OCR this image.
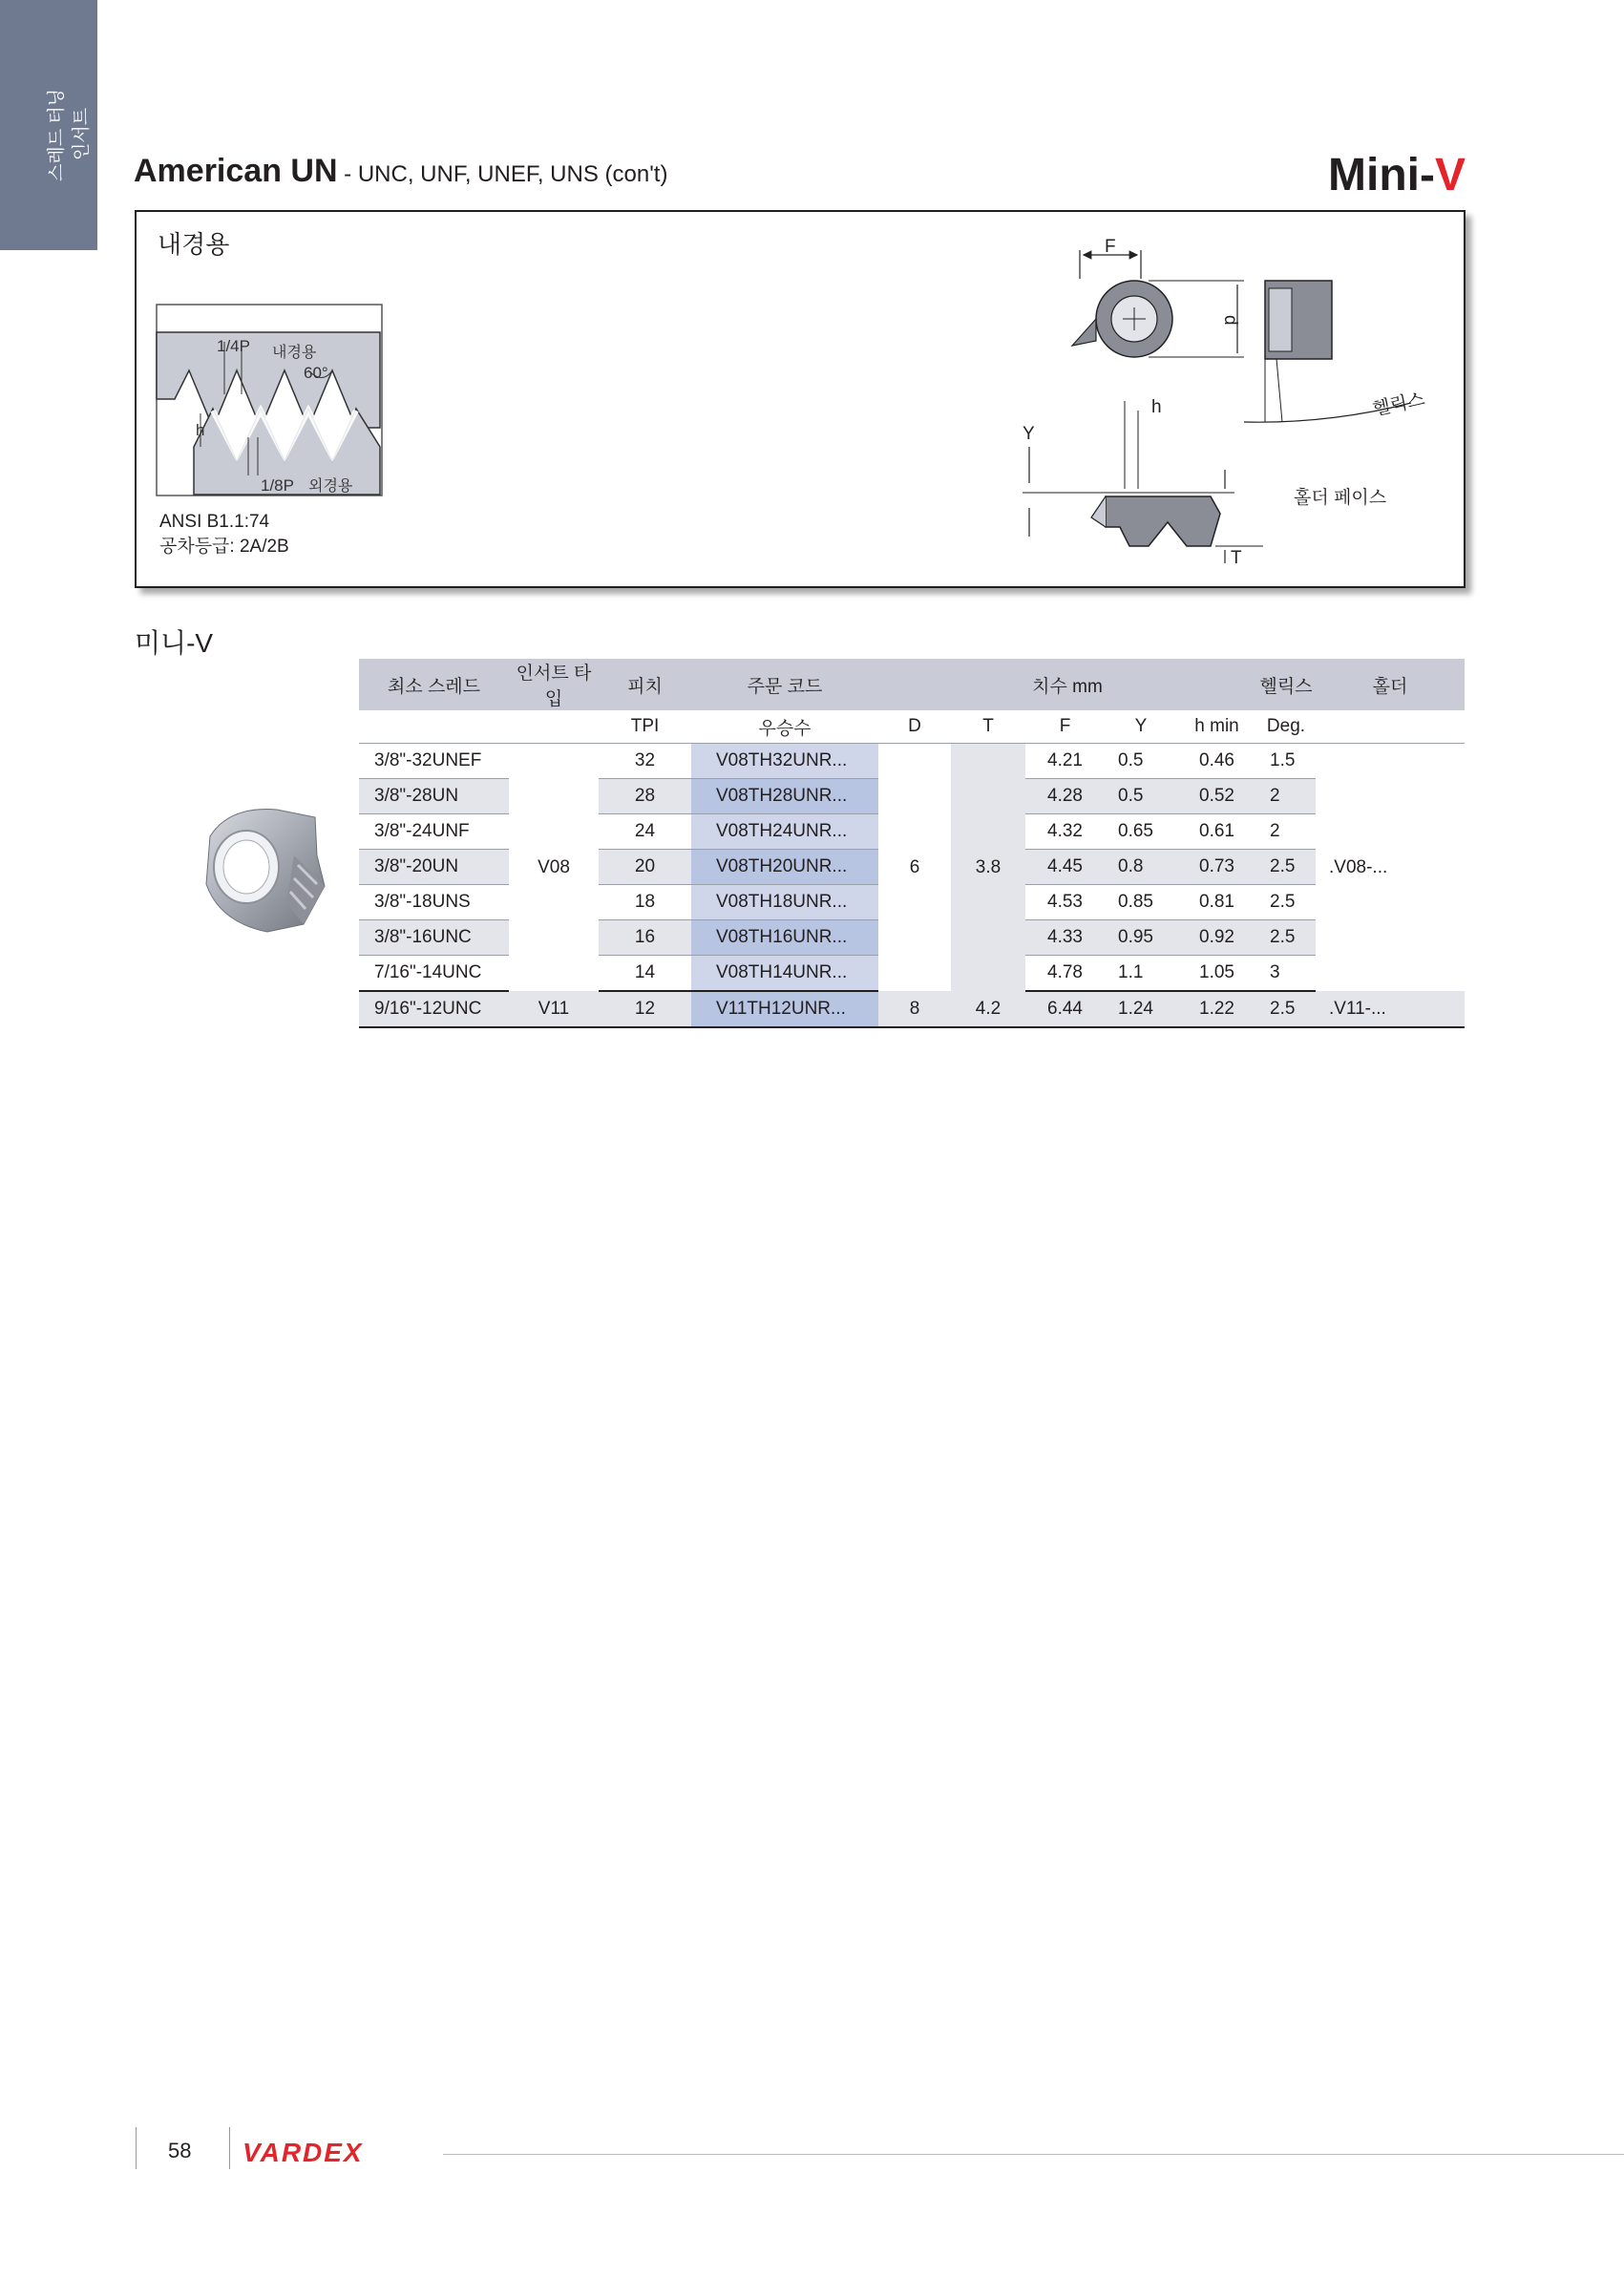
스레드 터닝 인서트
American UN - UNC, UNF, UNEF, UNS (con't)	Mini-V
내경용
1/4P 내경용
60°
h
1/8P 외경용
ANSI B1.1:74
공차등급: 2A/2B
F
d
헬릭스
h
Y
T
홀더 페이스
미니-V
최소 스레드	인서트 타입	피치	주문 코드	치수 mm					헬릭스	홀더
		TPI	우승수	D	T	F	Y	h min	Deg.	
3/8"-32UNEF	V08	32	V08TH32UNR...	6	3.8	4.21	0.5	0.46	1.5	.V08-...
3/8"-28UN		28	V08TH28UNR...			4.28	0.5	0.52	2	
3/8"-24UNF		24	V08TH24UNR...			4.32	0.65	0.61	2	
3/8"-20UN		20	V08TH20UNR...			4.45	0.8	0.73	2.5	
3/8"-18UNS		18	V08TH18UNR...			4.53	0.85	0.81	2.5	
3/8"-16UNC		16	V08TH16UNR...			4.33	0.95	0.92	2.5	
7/16"-14UNC		14	V08TH14UNR...			4.78	1.1	1.05	3	
9/16"-12UNC	V11	12	V11TH12UNR...	8	4.2	6.44	1.24	1.22	2.5	.V11-...
58 VARDEX
